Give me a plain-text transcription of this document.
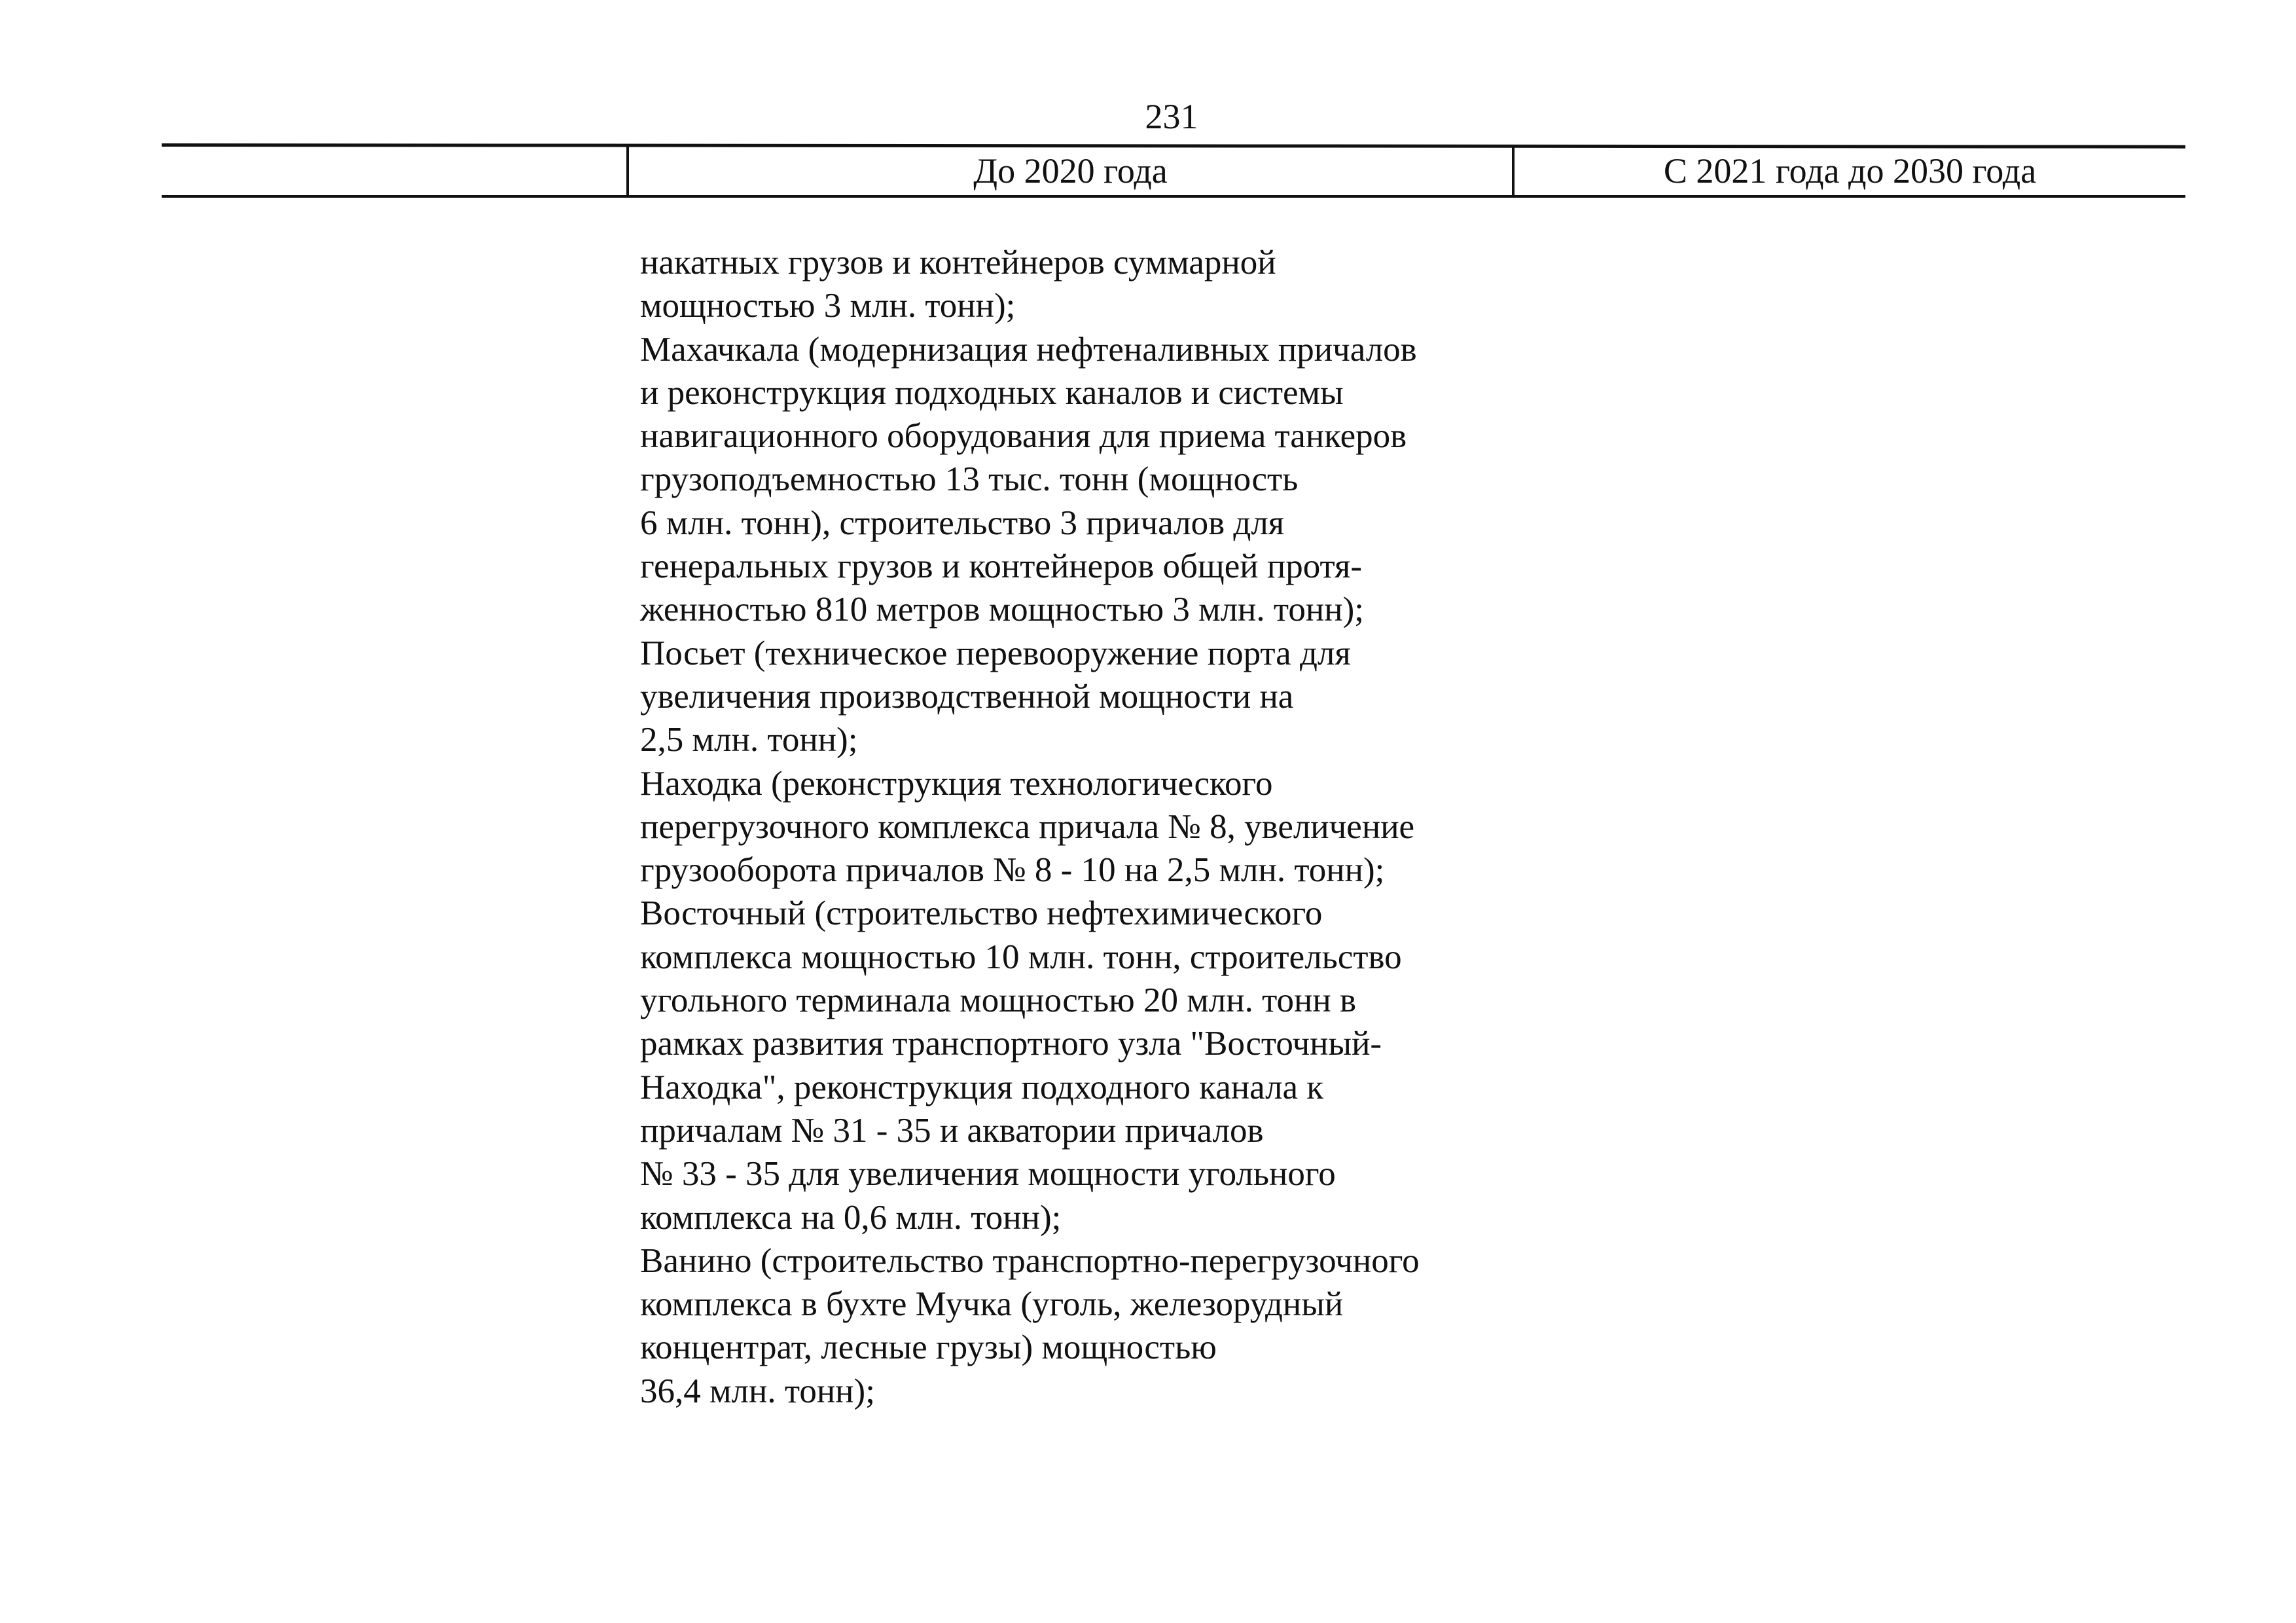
231
До 2020 года	С 2021 года до 2030 года
накатных грузов и контейнеров суммарной
мощностью 3 млн. тонн);
Махачкала (модернизация нефтеналивных причалов
и реконструкция подходных каналов и системы
навигационного оборудования для приема танкеров
грузоподъемностью 13 тыс. тонн (мощность
6 млн. тонн), строительство 3 причалов для
генеральных грузов и контейнеров общей протя-
женностью 810 метров мощностью 3 млн. тонн);
Посьет (техническое перевооружение порта для
увеличения производственной мощности на
2,5 млн. тонн);
Находка (реконструкция технологического
перегрузочного комплекса причала № 8, увеличение
грузооборота причалов № 8 - 10 на 2,5 млн. тонн);
Восточный (строительство нефтехимического
комплекса мощностью 10 млн. тонн, строительство
угольного терминала мощностью 20 млн. тонн в
рамках развития транспортного узла "Восточный-
Находка", реконструкция подходного канала к
причалам № 31 - 35 и акватории причалов
№ 33 - 35 для увеличения мощности угольного
комплекса на 0,6 млн. тонн);
Ванино (строительство транспортно-перегрузочного
комплекса в бухте Мучка (уголь, железорудный
концентрат, лесные грузы) мощностью
36,4 млн. тонн);
